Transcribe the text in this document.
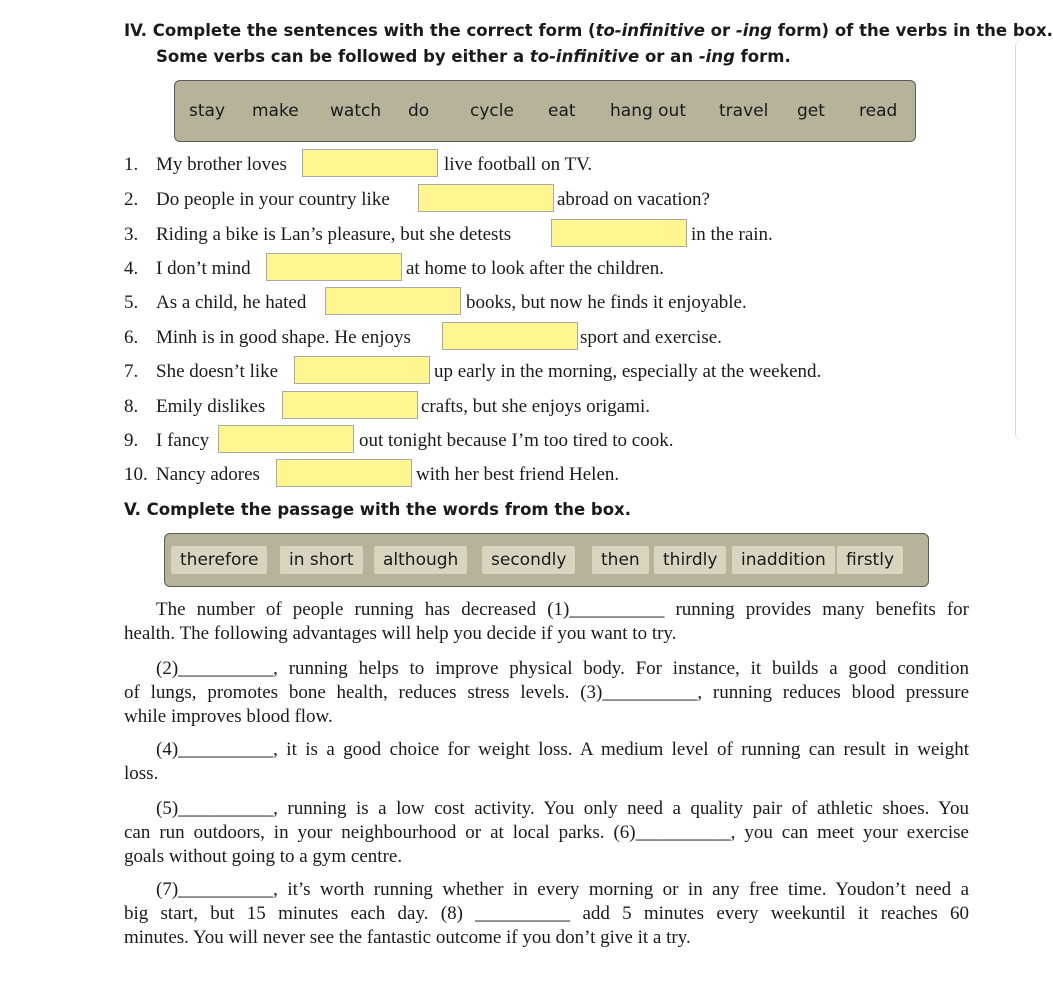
IV. Complete the sentences with the correct form (to-infinitive or -ing form) of the verbs in the box.
Some verbs can be followed by either a to-infinitive or an -ing form.
stay make watch do cycle eat hang out travel get read
1. My brother loves	live football on TV.
2. Do people in your country like	abroad on vacation?
3. Riding a bike is Lan’s pleasure, but she detests	in the rain.
4. I don’t mind	at home to look after the children.
5. As a child, he hated	books, but now he finds it enjoyable.
6. Minh is in good shape. He enjoys	sport and exercise.
7. She doesn’t like	up early in the morning, especially at the weekend.
8. Emily dislikes	crafts, but she enjoys origami.
9. I fancy	out tonight because I’m too tired to cook.
10. Nancy adores	with her best friend Helen.
V. Complete the passage with the words from the box.
therefore	in short	although	secondly	then	thirdly	inaddition	firstly
The number of people running has decreased (1)__________ running provides many benefits for
health. The following advantages will help you decide if you want to try.
(2)__________, running helps to improve physical body. For instance, it builds a good condition
of lungs, promotes bone health, reduces stress levels. (3)__________, running reduces blood pressure
while improves blood flow.
(4)__________, it is a good choice for weight loss. A medium level of running can result in weight
loss.
(5)__________, running is a low cost activity. You only need a quality pair of athletic shoes. You
can run outdoors, in your neighbourhood or at local parks. (6)__________, you can meet your exercise
goals without going to a gym centre.
(7)__________, it’s worth running whether in every morning or in any free time. Youdon’t need a
big start, but 15 minutes each day. (8) __________ add 5 minutes every weekuntil it reaches 60
minutes. You will never see the fantastic outcome if you don’t give it a try.
